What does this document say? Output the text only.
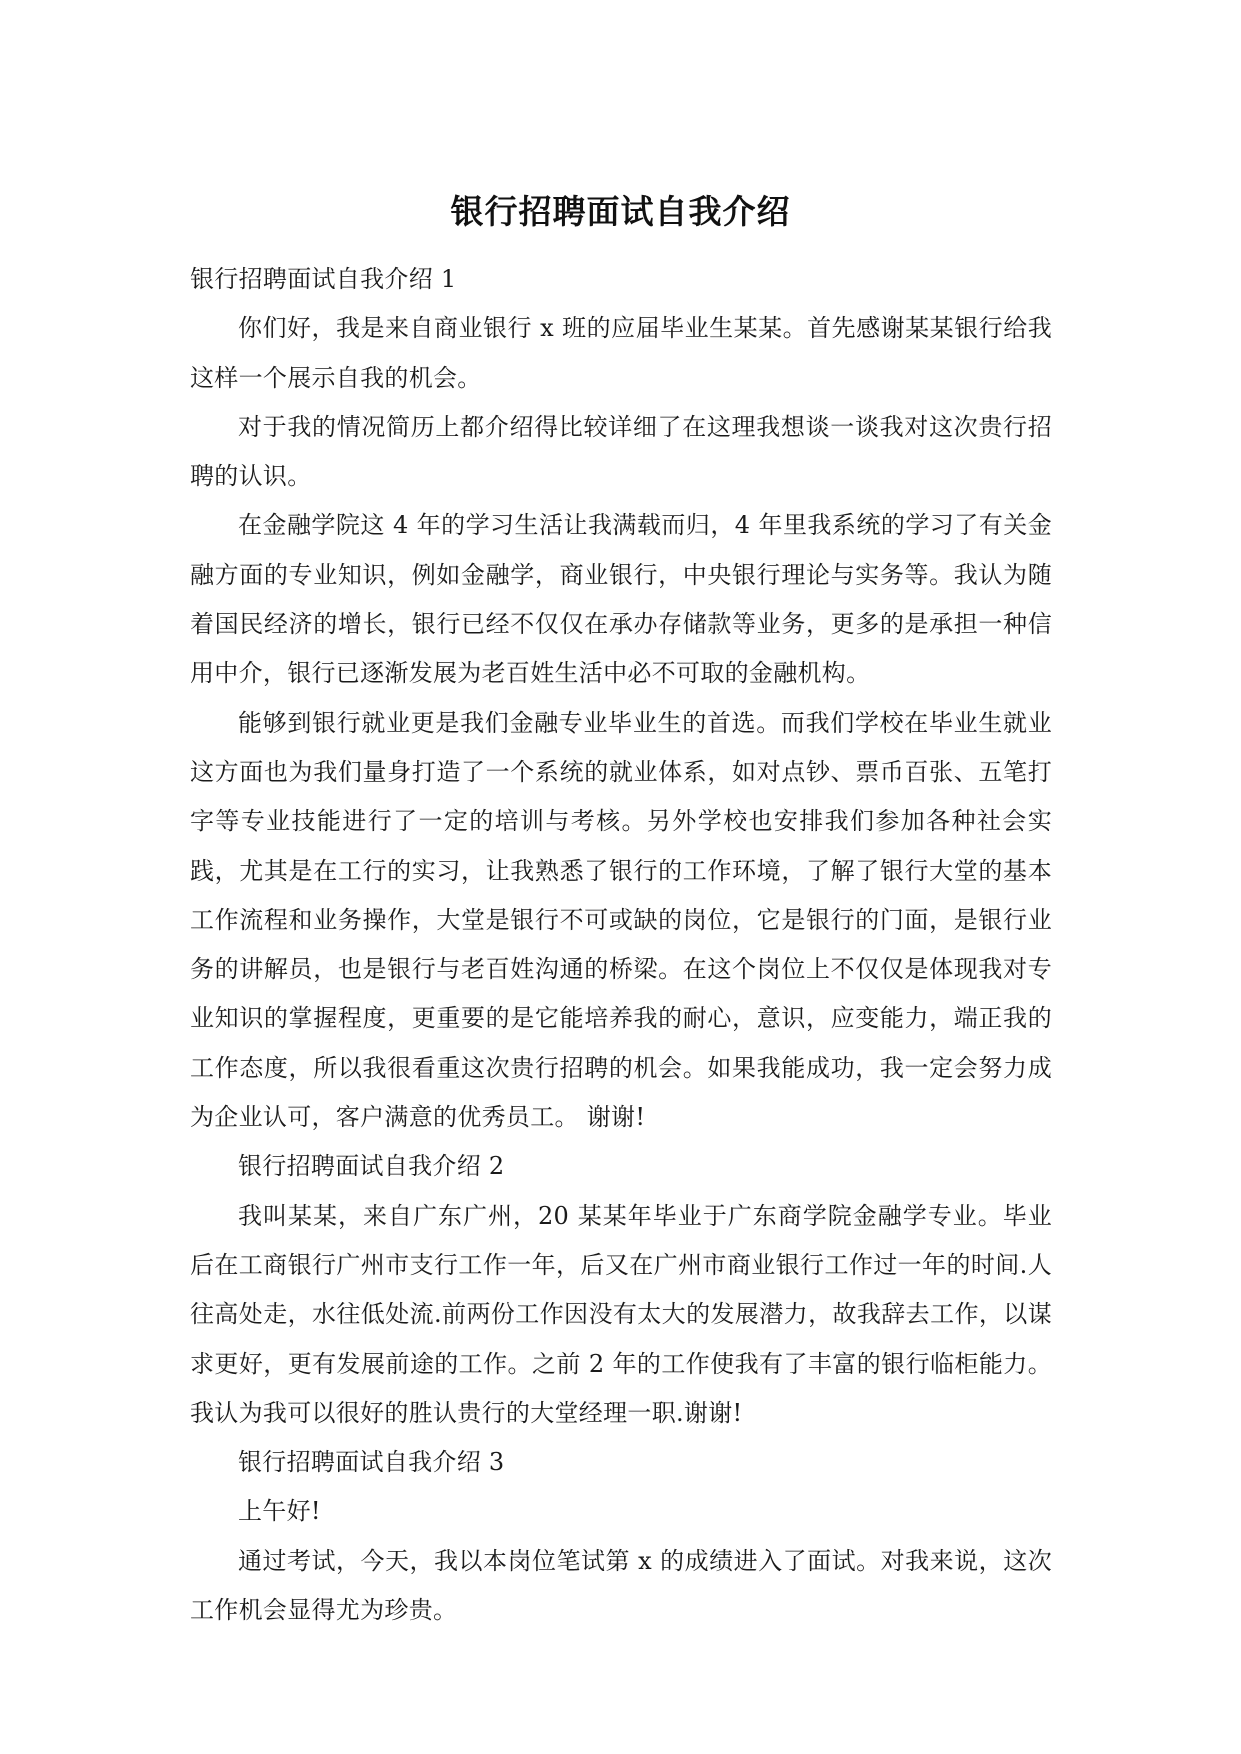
银行招聘面试自我介绍

银行招聘面试自我介绍 1

你们好，我是来自商业银行 x 班的应届毕业生某某。首先感谢某某银行给我这样一个展示自我的机会。

对于我的情况简历上都介绍得比较详细了在这理我想谈一谈我对这次贵行招聘的认识。

在金融学院这 4 年的学习生活让我满载而归，4 年里我系统的学习了有关金融方面的专业知识，例如金融学，商业银行，中央银行理论与实务等。我认为随着国民经济的增长，银行已经不仅仅在承办存储款等业务，更多的是承担一种信用中介，银行已逐渐发展为老百姓生活中必不可取的金融机构。

能够到银行就业更是我们金融专业毕业生的首选。而我们学校在毕业生就业这方面也为我们量身打造了一个系统的就业体系，如对点钞、票币百张、五笔打字等专业技能进行了一定的培训与考核。另外学校也安排我们参加各种社会实践，尤其是在工行的实习，让我熟悉了银行的工作环境，了解了银行大堂的基本工作流程和业务操作，大堂是银行不可或缺的岗位，它是银行的门面，是银行业务的讲解员，也是银行与老百姓沟通的桥梁。在这个岗位上不仅仅是体现我对专业知识的掌握程度，更重要的是它能培养我的耐心，意识，应变能力，端正我的工作态度，所以我很看重这次贵行招聘的机会。如果我能成功，我一定会努力成为企业认可，客户满意的优秀员工。 谢谢!

银行招聘面试自我介绍 2

我叫某某，来自广东广州，20 某某年毕业于广东商学院金融学专业。毕业后在工商银行广州市支行工作一年，后又在广州市商业银行工作过一年的时间.人往高处走，水往低处流.前两份工作因没有太大的发展潜力，故我辞去工作，以谋求更好，更有发展前途的工作。之前 2 年的工作使我有了丰富的银行临柜能力。我认为我可以很好的胜认贵行的大堂经理一职.谢谢!

银行招聘面试自我介绍 3

上午好!

通过考试，今天，我以本岗位笔试第 x 的成绩进入了面试。对我来说，这次工作机会显得尤为珍贵。
